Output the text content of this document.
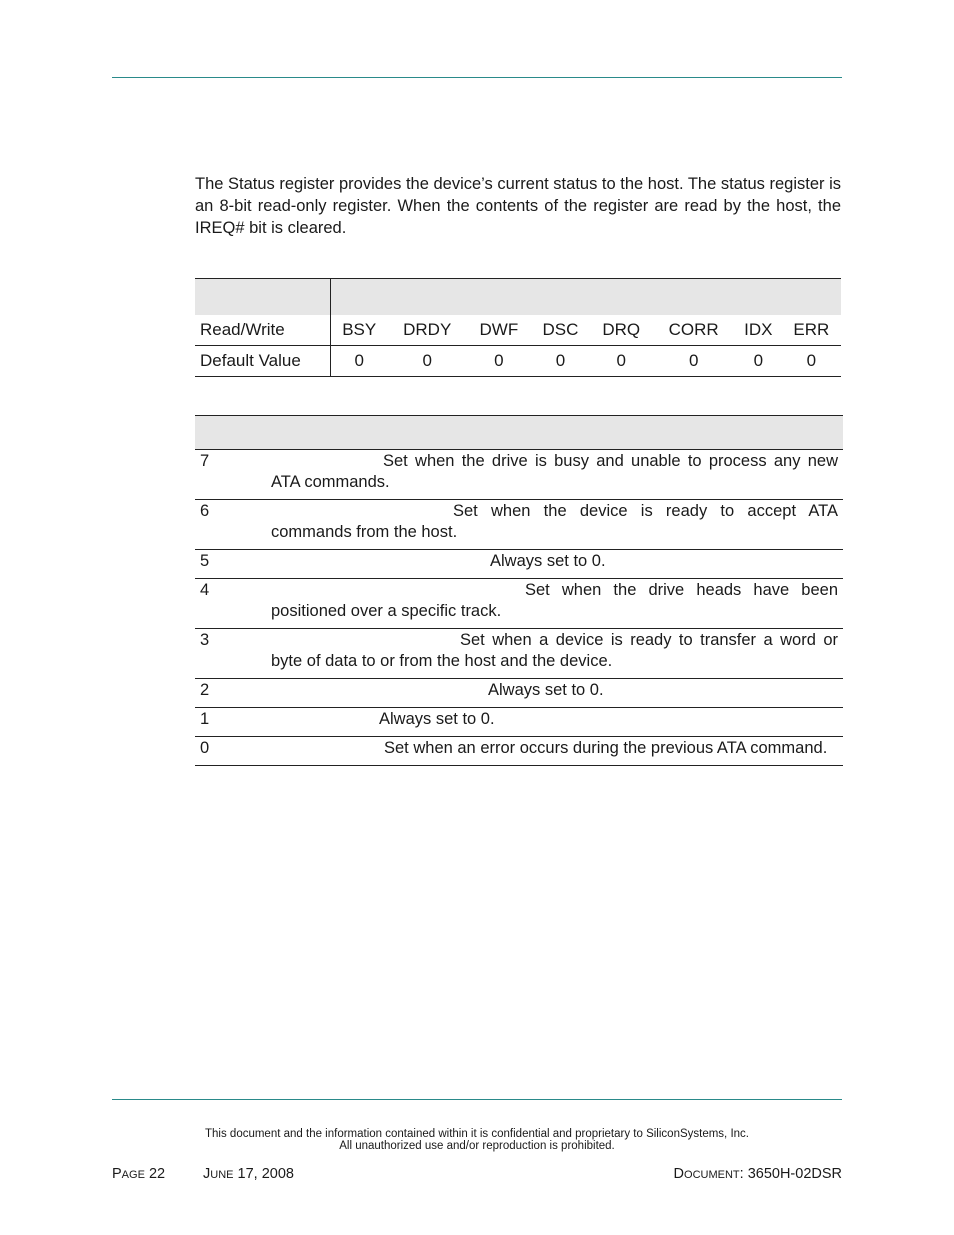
The Status register provides the device’s current status to the host. The status register is an 8-bit read-only register. When the contents of the register are read by the host, the IREQ# bit is cleared.

Read/Write	BSY	DRDY	DWF	DSC	DRQ	CORR	IDX	ERR
Default Value	0	0	0	0	0	0	0	0

7	Set when the drive is busy and unable to process any new ATA commands.
6	Set when the device is ready to accept ATA commands from the host.
5	Always set to 0.
4	Set when the drive heads have been positioned over a specific track.
3	Set when a device is ready to transfer a word or byte of data to or from the host and the device.
2	Always set to 0.
1	Always set to 0.
0	Set when an error occurs during the previous ATA command.
This document and the information contained within it is confidential and proprietary to SiliconSystems, Inc.
All unauthorized use and/or reproduction is prohibited.
PAGE 22	JUNE 17, 2008	DOCUMENT: 3650H-02DSR
